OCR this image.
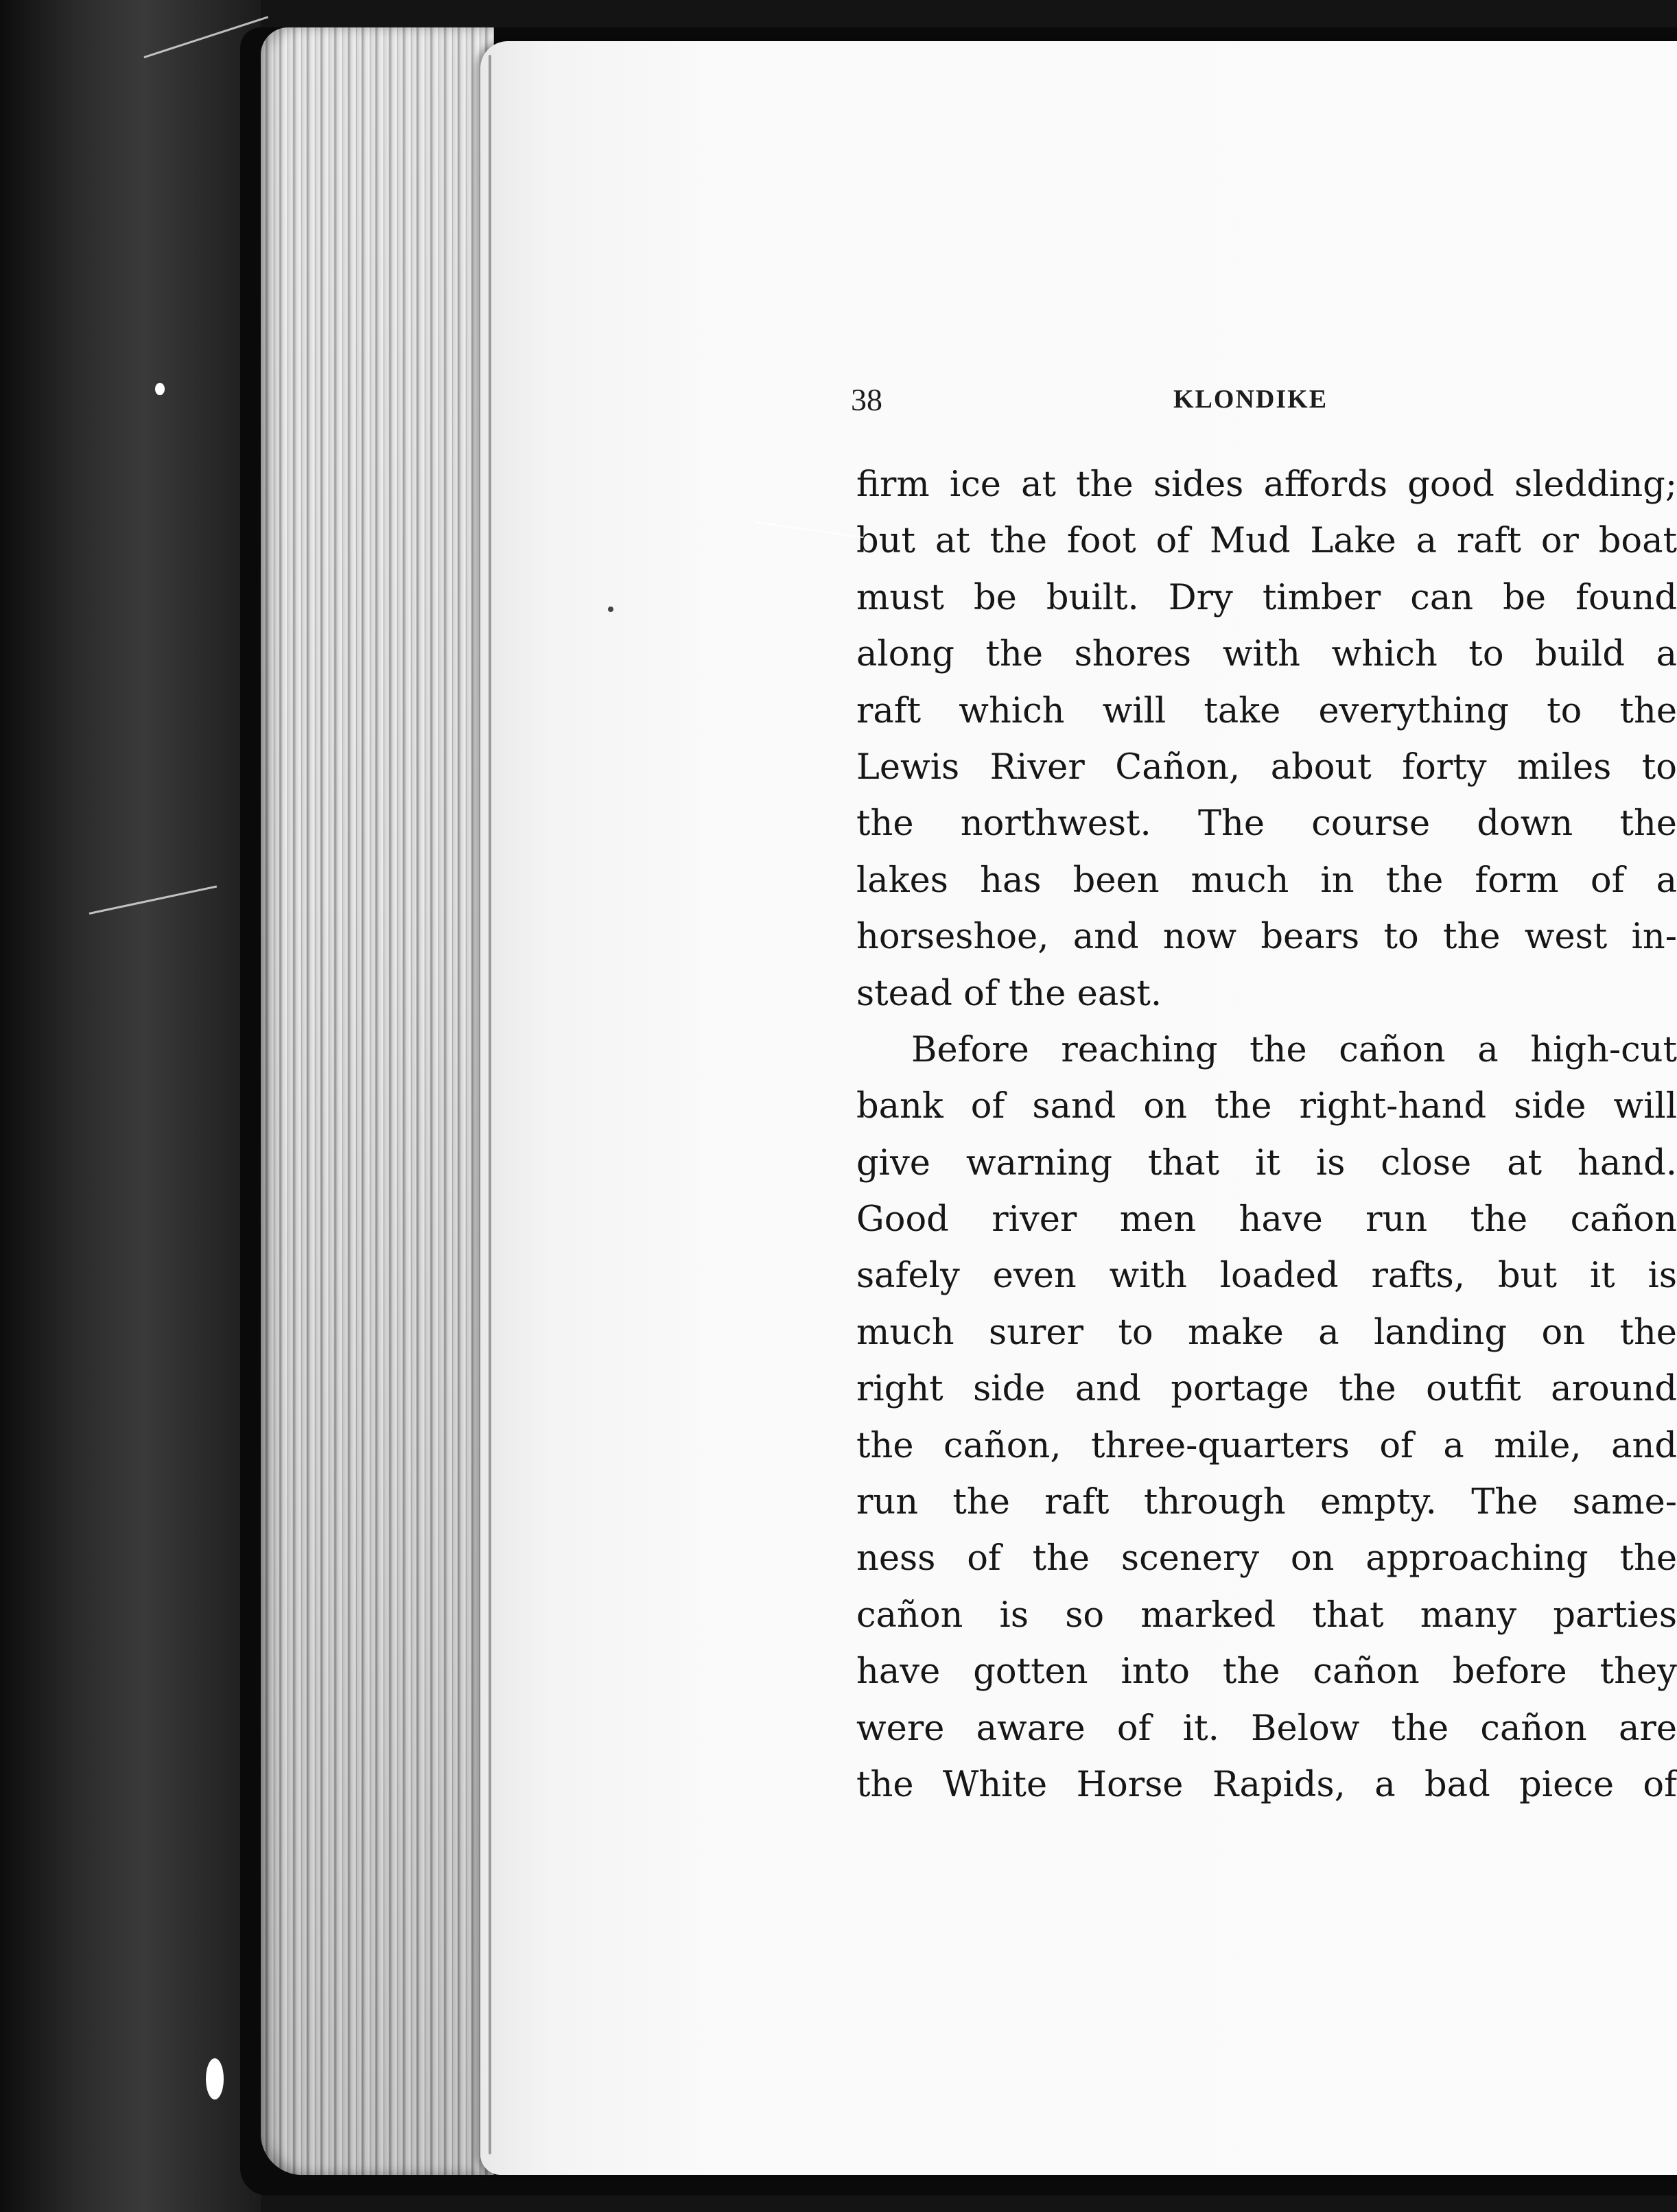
38	KLONDIKE
firm ice at the sides affords good sledding;
but at the foot of Mud Lake a raft or boat
must be built. Dry timber can be found
along the shores with which to build a
raft which will take everything to the
Lewis River Cañon, about forty miles to
the northwest. The course down the
lakes has been much in the form of a
horseshoe, and now bears to the west in-
stead of the east.
Before reaching the cañon a high-cut
bank of sand on the right-hand side will
give warning that it is close at hand.
Good river men have run the cañon
safely even with loaded rafts, but it is
much surer to make a landing on the
right side and portage the outfit around
the cañon, three-quarters of a mile, and
run the raft through empty. The same-
ness of the scenery on approaching the
cañon is so marked that many parties
have gotten into the cañon before they
were aware of it. Below the cañon are
the White Horse Rapids, a bad piece of
